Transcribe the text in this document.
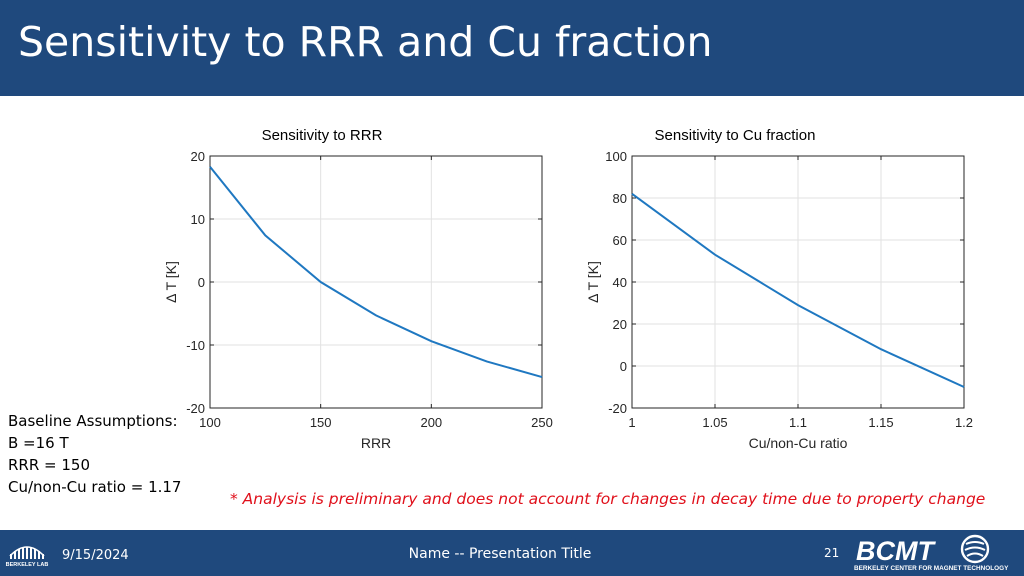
Sensitivity to RRR and Cu fraction
100	150	200	250
-20
-10
0
10
20
Sensitivity to RRR
RRR
Δ T [K]
1	1.05	1.1	1.15	1.2
-20
0
20
40
60
80
100
Sensitivity to Cu fraction
Cu/non-Cu ratio
Δ T [K]
Baseline Assumptions:
B =16 T
RRR = 150
Cu/non-Cu ratio = 1.17
* Analysis is preliminary and does not account for changes in decay time due to property change
BERKELEY LAB
9/15/2024	Name -- Presentation Title	21 BCMT
BERKELEY CENTER FOR MAGNET TECHNOLOGY
